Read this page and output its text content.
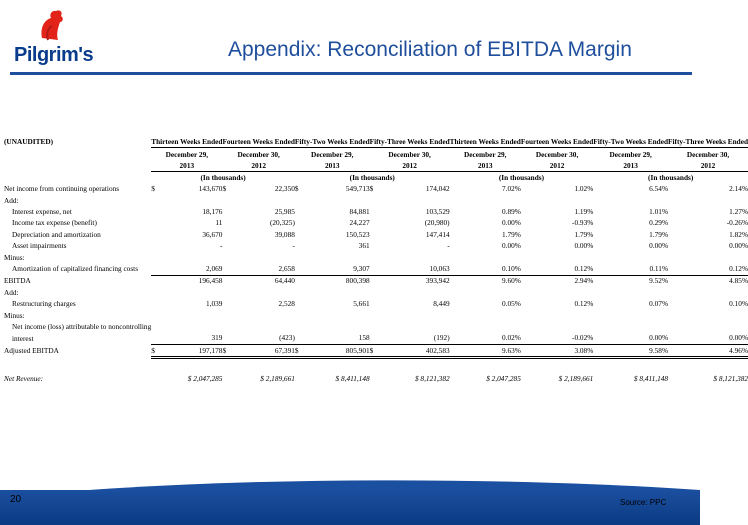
Pilgrim's	Appendix: Reconciliation of EBITDA Margin
(UNAUDITED)	Thirteen Weeks Ended		Fourteen Weeks Ended		Fifty-Two Weeks Ended		Fifty-Three Weeks Ended		Thirteen Weeks Ended	Fourteen Weeks Ended	Fifty-Two Weeks Ended	Fifty-Three Weeks Ended

	December 29,		December 30,		December 29,		December 30,		December 29,	December 30,	December 29,	December 30,
	2013		2012		2013		2012		2013	2012	2013	2012
	(In thousands)				(In thousands)				(In thousands)		(In thousands)	
Net income from continuing operations	$	143,670	$	22,350	$	549,713	$	174,042		7.02%	1.02%	6.54%	2.14%
Add:													
Interest expense, net		18,176		25,985		84,881		103,529		0.89%	1.19%	1.01%	1.27%
Income tax expense (benefit)		11		(20,325)		24,227		(20,980)		0.00%	-0.93%	0.29%	-0.26%
Depreciation and amortization		36,670		39,088		150,523		147,414		1.79%	1.79%	1.79%	1.82%
Asset impairments		-		-		361		-		0.00%	0.00%	0.00%	0.00%
Minus:													
Amortization of capitalized financing costs		2,069		2,658		9,307		10,063		0.10%	0.12%	0.11%	0.12%
EBITDA		196,458		64,440		800,398		393,942		9.60%	2.94%	9.52%	4.85%
Add:													
Restructuring charges		1,039		2,528		5,661		8,449		0.05%	0.12%	0.07%	0.10%
Minus:													
Net income (loss) attributable to noncontrolling													
interest		319		(423)		158		(192)		0.02%	-0.02%	0.00%	0.00%
Adjusted EBITDA	$	197,178	$	67,391	$	805,901	$	402,583		9.63%	3.08%	9.58%	4.96%

Net Revenue:	$ 2,047,285		$ 2,189,661		$ 8,411,148		$ 8,121,382		$ 2,047,285	$ 2,189,661	$ 8,411,148	$ 8,121,382
20	Source: PPC
